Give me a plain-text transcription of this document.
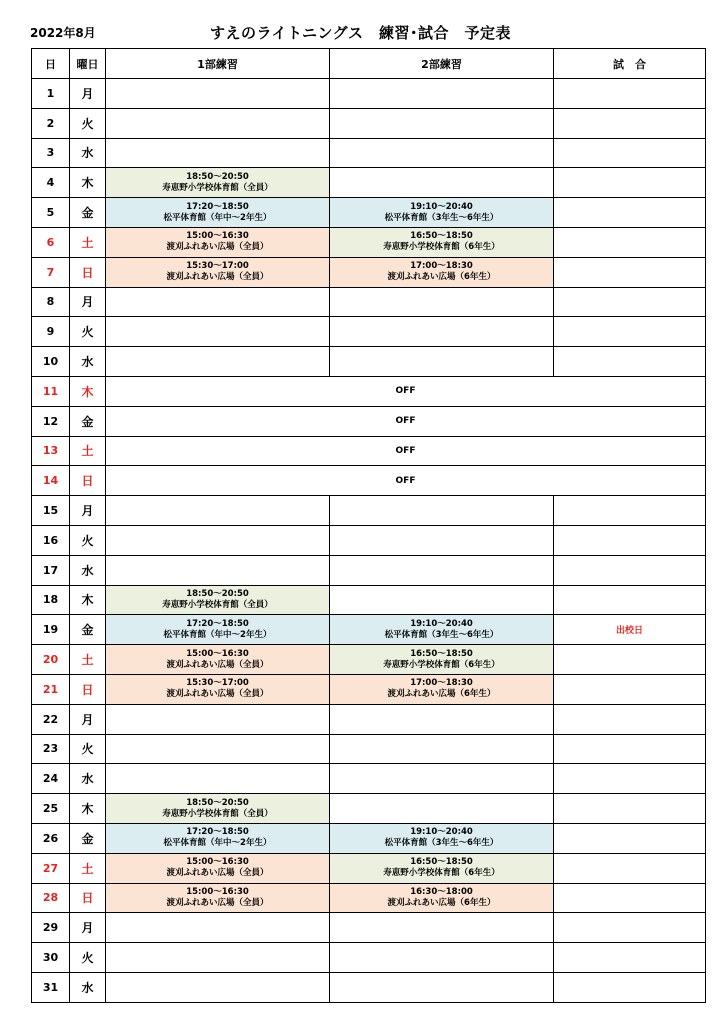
2022年8月	すえのライトニングス　練習･試合　予定表
日	曜日	1部練習	2部練習	試　合
1	月			
2	火			
3	水			
4	木	18:50～20:50
寿恵野小学校体育館（全員）		

5	金	17:20～18:50
松平体育館（年中～2年生）	19:10～20:40
松平体育館（3年生～6年生）	

6	土	15:00～16:30
渡刈ふれあい広場（全員）	16:50～18:50
寿恵野小学校体育館（6年生）	

7	日	15:30～17:00
渡刈ふれあい広場（全員）	17:00～18:30
渡刈ふれあい広場（6年生）	

8	月			
9	火			
10	水			
11	木	OFF		
12	金	OFF		
13	土	OFF		
14	日	OFF		
15	月			
16	火			
17	水			
18	木	18:50～20:50
寿恵野小学校体育館（全員）		

19	金	17:20～18:50
松平体育館（年中～2年生）	19:10～20:40
松平体育館（3年生～6年生）	出校日
20	土	15:00～16:30
渡刈ふれあい広場（全員）	16:50～18:50
寿恵野小学校体育館（6年生）	

21	日	15:30～17:00
渡刈ふれあい広場（全員）	17:00～18:30
渡刈ふれあい広場（6年生）	

22	月			
23	火			
24	水			
25	木	18:50～20:50
寿恵野小学校体育館（全員）		

26	金	17:20～18:50
松平体育館（年中～2年生）	19:10～20:40
松平体育館（3年生～6年生）	

27	土	15:00～16:30
渡刈ふれあい広場（全員）	16:50～18:50
寿恵野小学校体育館（6年生）	

28	日	15:00～16:30
渡刈ふれあい広場（全員）	16:30～18:00
渡刈ふれあい広場（6年生）	

29	月			
30	火			
31	水			
